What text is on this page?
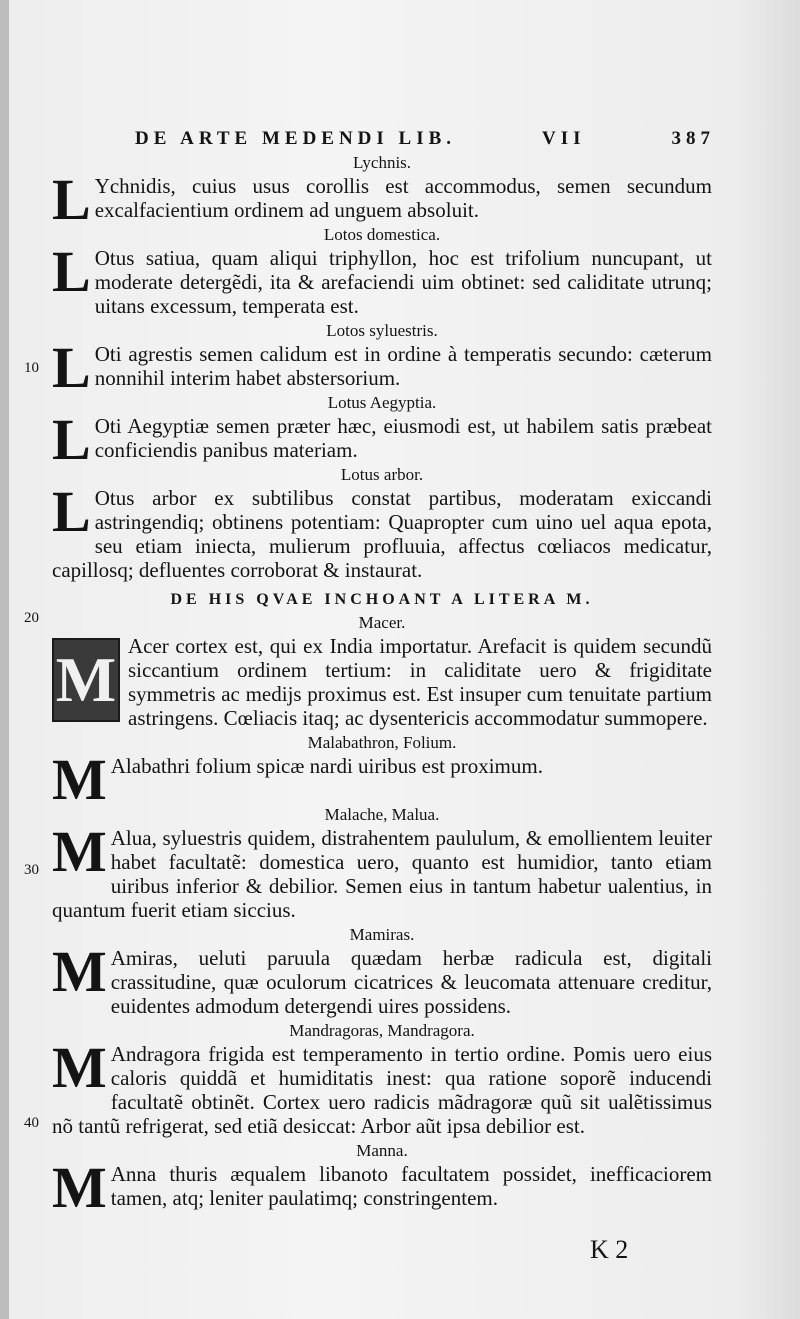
DE ARTE MEDENDI LIB.	VII	387
10
20
30
40

Lychnis.

L Ychnidis, cuius usus corollis est accommodus, semen secundum excalfacientium ordinem ad unguem absoluit.

Lotos domestica.

L Otus satiua, quam aliqui triphyllon, hoc est trifolium nuncupant, ut moderate detergẽdi, ita & arefaciendi uim obtinet: sed caliditate utrunq; uitans excessum, temperata est.

Lotos syluestris.

L Oti agrestis semen calidum est in ordine à temperatis secundo: cæterum nonnihil interim habet abstersorium.

Lotus Aegyptia.

L Oti Aegyptiæ semen præter hæc, eiusmodi est, ut habilem satis præbeat conficiendis panibus materiam.

Lotus arbor.

L Otus arbor ex subtilibus constat partibus, moderatam exiccandi astringendiq; obtinens potentiam: Quapropter cum uino uel aqua epota, seu etiam iniecta, mulierum profluuia, affectus cœliacos medicatur, capillosq; defluentes corroborat & instaurat.

DE HIS QVAE INCHOANT A LITERA M.

Macer.

M Acer cortex est, qui ex India importatur. Arefacit is quidem secundũ siccantium ordinem tertium: in caliditate uero & frigiditate symmetris ac medijs proximus est. Est insuper cum tenuitate partium astringens. Cœliacis itaq; ac dysentericis accommodatur summopere.

Malabathron, Folium.

M Alabathri folium spicæ nardi uiribus est proximum.

Malache, Malua.

M Alua, syluestris quidem, distrahentem paululum, & emollientem leuiter habet facultatẽ: domestica uero, quanto est humidior, tanto etiam uiribus inferior & debilior. Semen eius in tantum habetur ualentius, in quantum fuerit etiam siccius.

Mamiras.

M Amiras, ueluti paruula quædam herbæ radicula est, digitali crassitudine, quæ oculorum cicatrices & leucomata attenuare creditur, euidentes admodum detergendi uires possidens.

Mandragoras, Mandragora.

M Andragora frigida est temperamento in tertio ordine. Pomis uero eius caloris quiddã et humiditatis inest: qua ratione soporẽ inducendi facultatẽ obtinẽt. Cortex uero radicis mãdragoræ quũ sit ualẽtissimus nõ tantũ refrigerat, sed etiã desiccat: Arbor aũt ipsa debilior est.

Manna.

M Anna thuris æqualem libanoto facultatem possidet, inefficaciorem tamen, atq; leniter paulatimq; constringentem.

K 2
